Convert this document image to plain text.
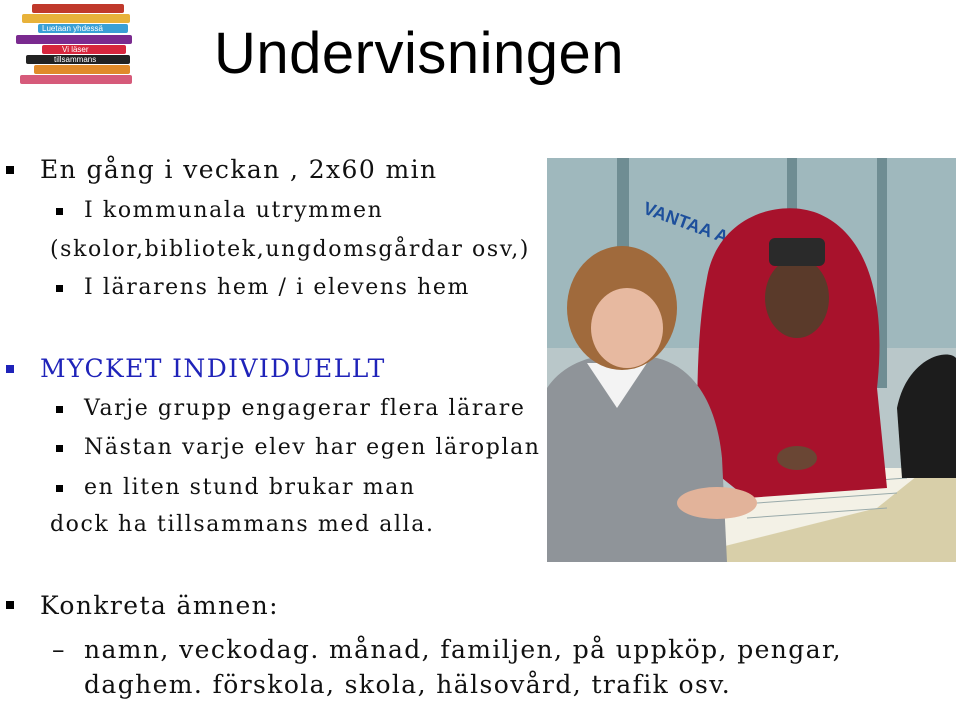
Luetaan yhdessä
Vi läser
tillsammans Undervisningen
En gång i veckan , 2x60 min
I kommunala utrymmen
(skolor,bibliotek,ungdomsgårdar osv,)
I lärarens hem / i elevens hem
MYCKET INDIVIDUELLT
Varje grupp engagerar flera lärare
Nästan varje elev har egen läroplan
en liten stund brukar man
dock ha tillsammans med alla.
Konkreta ämnen:
– namn, veckodag. månad, familjen, på uppköp, pengar,
daghem. förskola, skola, hälsovård, trafik osv.
VANTAA
